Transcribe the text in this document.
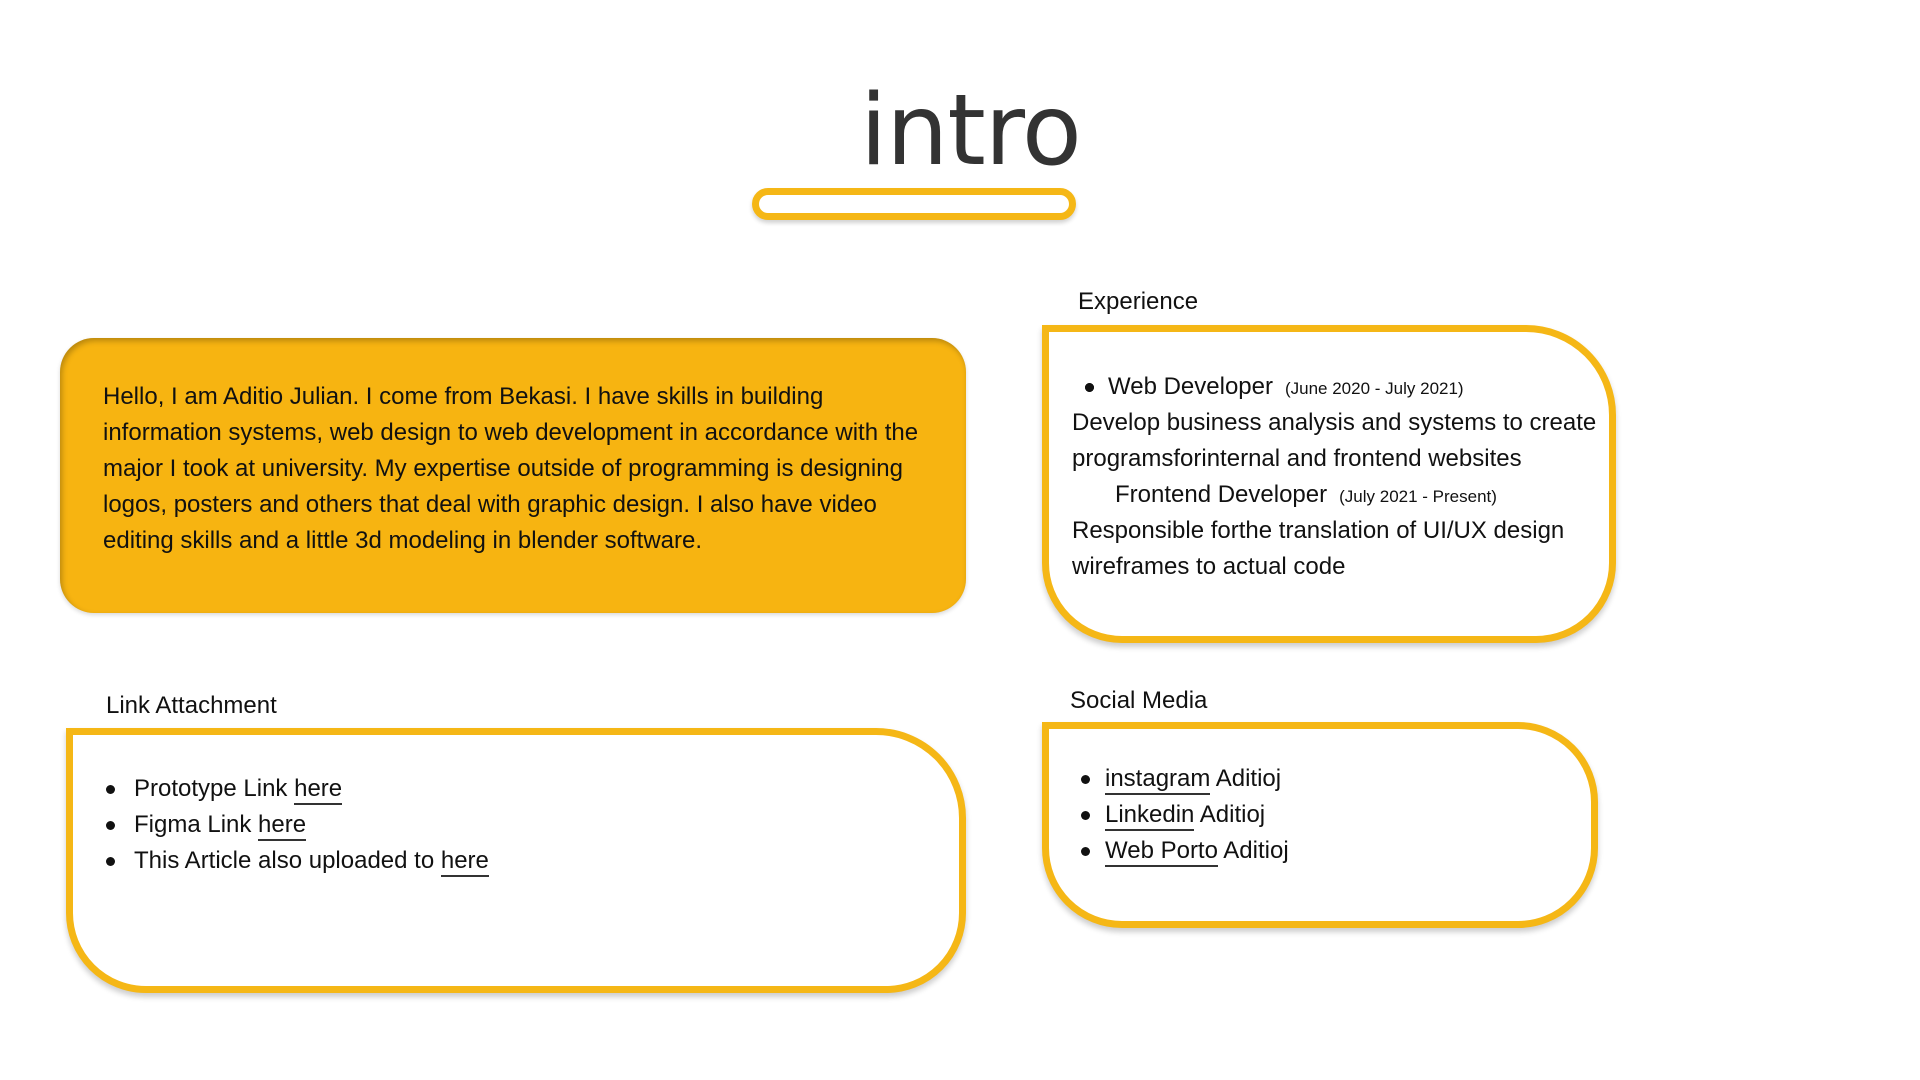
intro
Hello, I am Aditio Julian. I come from Bekasi. I have skills in building information systems, web design to web development in accordance with the major I took at university. My expertise outside of programming is designing logos, posters and others that deal with graphic design. I also have video editing skills and a little 3d modeling in blender software.
Experience
Web Developer (June 2020 - July 2021)
Develop business analysis and systems to create programsforinternal and frontend websites
Frontend Developer (July 2021 - Present)
Responsible forthe translation of UI/UX design wireframes to actual code
Link Attachment
Prototype Link here
Figma Link here
This Article also uploaded to here
Social Media
instagram Aditioj
Linkedin Aditioj
Web Porto Aditioj
